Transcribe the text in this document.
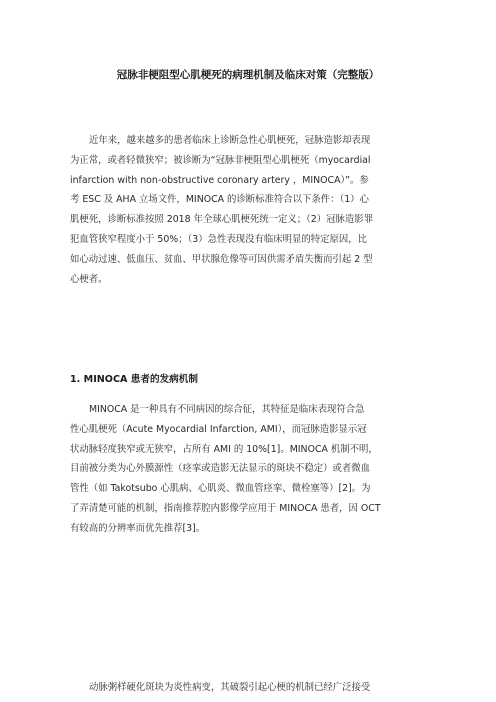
冠脉非梗阻型心肌梗死的病理机制及临床对策（完整版）
近年来，越来越多的患者临床上诊断急性心肌梗死，冠脉造影却表现
为正常，或者轻微狭窄；被诊断为“冠脉非梗阻型心肌梗死（myocardial
infarction with non-obstructive coronary artery ，MINOCA）”。参
考 ESC 及 AHA 立场文件，MINOCA 的诊断标准符合以下条件：（1）心
肌梗死，诊断标准按照 2018 年全球心肌梗死统一定义；（2）冠脉造影罪
犯血管狭窄程度小于 50%；（3）急性表现没有临床明显的特定原因，比
如心动过速、低血压、贫血、甲状腺危像等可因供需矛盾失衡而引起 2 型
心梗者。
1. MINOCA 患者的发病机制
MINOCA 是一种具有不同病因的综合征，其特征是临床表现符合急
性心肌梗死（Acute Myocardial Infarction, AMI），而冠脉造影显示冠
状动脉轻度狭窄或无狭窄，占所有 AMI 的 10%[1]。MINOCA 机制不明，
目前被分类为心外膜源性（痉挛或造影无法显示的斑块不稳定）或者微血
管性（如 Takotsubo 心肌病、心肌炎、微血管痉挛、微栓塞等）[2]。为
了弄清楚可能的机制，指南推荐腔内影像学应用于 MINOCA 患者，因 OCT
有较高的分辨率而优先推荐[3]。
动脉粥样硬化斑块为炎性病变，其破裂引起心梗的机制已经广泛接受
